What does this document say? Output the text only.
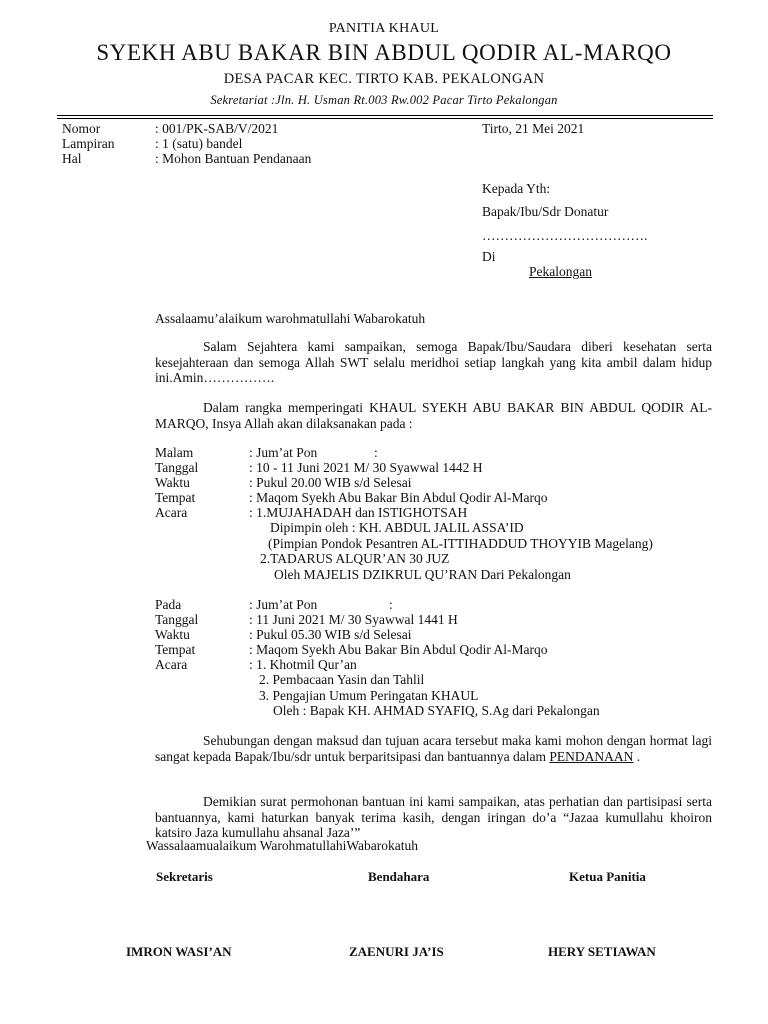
PANITIA KHAUL
SYEKH ABU BAKAR BIN ABDUL QODIR AL-MARQO
DESA PACAR KEC. TIRTO KAB. PEKALONGAN
Sekretariat :Jln. H. Usman Rt.003 Rw.002 Pacar Tirto Pekalongan
Nomor	: 001/PK-SAB/V/2021
Lampiran	: 1 (satu) bandel
Hal	: Mohon Bantuan Pendanaan
Tirto, 21 Mei 2021
Kepada Yth:
Bapak/Ibu/Sdr Donatur
……………………………….
Di
Pekalongan
Assalaamu’alaikum warohmatullahi Wabarokatuh
Salam Sejahtera kami sampaikan, semoga Bapak/Ibu/Saudara diberi kesehatan serta kesejahteraan dan semoga Allah SWT selalu meridhoi setiap langkah yang kita ambil dalam hidup ini.Amin…………….
Dalam rangka memperingati KHAUL SYEKH ABU BAKAR BIN ABDUL QODIR AL-MARQO, Insya Allah akan dilaksanakan pada :
Malam	: Jum’at Pon	:
Tanggal	: 10 - 11 Juni 2021 M/ 30 Syawwal 1442 H
Waktu	: Pukul 20.00 WIB s/d Selesai
Tempat	: Maqom Syekh Abu Bakar Bin Abdul Qodir Al-Marqo
Acara	: 1.MUJAHADAH dan ISTIGHOTSAH
Dipimpin oleh : KH. ABDUL JALIL ASSA’ID
(Pimpian Pondok Pesantren AL-ITTIHADDUD THOYYIB Magelang)
2.TADARUS ALQUR’AN 30 JUZ
Oleh MAJELIS DZIKRUL QU’RAN Dari Pekalongan
Pada	: Jum’at Pon	:
Tanggal	: 11 Juni 2021 M/ 30 Syawwal 1441 H
Waktu	: Pukul 05.30 WIB s/d Selesai
Tempat	: Maqom Syekh Abu Bakar Bin Abdul Qodir Al-Marqo
Acara	: 1. Khotmil Qur’an
2. Pembacaan Yasin dan Tahlil
3. Pengajian Umum Peringatan KHAUL
Oleh : Bapak KH. AHMAD SYAFIQ, S.Ag dari Pekalongan
Sehubungan dengan maksud dan tujuan acara tersebut maka kami mohon dengan hormat lagi sangat kepada Bapak/Ibu/sdr untuk berparitsipasi dan bantuannya dalam PENDANAAN .
Demikian surat permohonan bantuan ini kami sampaikan, atas perhatian dan partisipasi serta bantuannya, kami haturkan banyak terima kasih, dengan iringan do’a “Jazaa kumullahu khoiron katsiro Jaza kumullahu ahsanal Jaza’”
Wassalaamualaikum WarohmatullahiWabarokatuh
Sekretaris	Bendahara	Ketua Panitia
IMRON WASI’AN	ZAENURI JA’IS	HERY SETIAWAN
